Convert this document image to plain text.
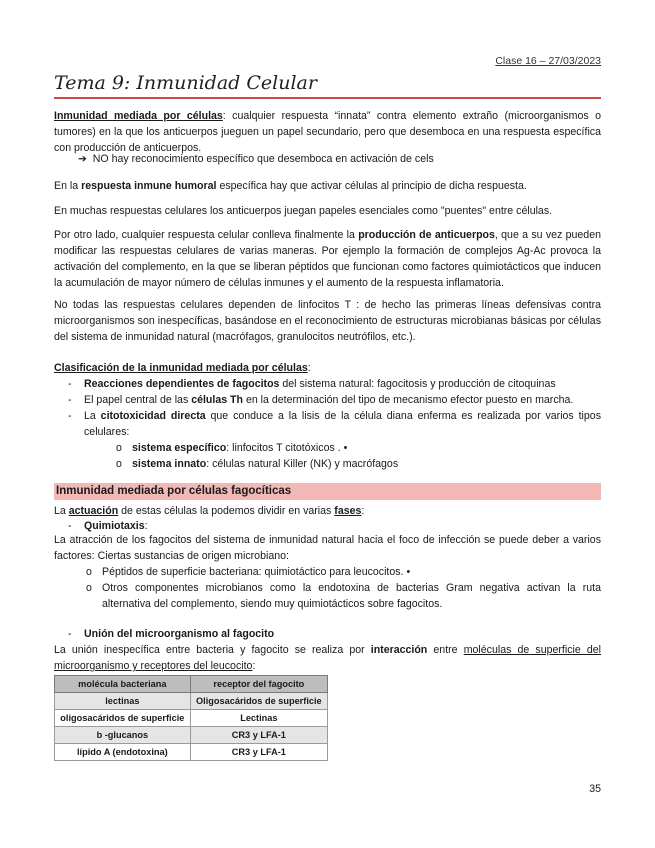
Clase 16 – 27/03/2023
Tema 9: Inmunidad Celular
Inmunidad mediada por células: cualquier respuesta “innata” contra elemento extraño (microorganismos o tumores) en la que los anticuerpos jueguen un papel secundario, pero que desemboca en una respuesta específica con producción de anticuerpos.
➔ NO hay reconocimiento específico que desemboca en activación de cels
En la respuesta inmune humoral específica hay que activar células al principio de dicha respuesta.
En muchas respuestas celulares los anticuerpos juegan papeles esenciales como "puentes" entre células.
Por otro lado, cualquier respuesta celular conlleva finalmente la producción de anticuerpos, que a su vez pueden modificar las respuestas celulares de varias maneras. Por ejemplo la formación de complejos Ag-Ac provoca la activación del complemento, en la que se liberan péptidos que funcionan como factores quimiotácticos que inducen la acumulación de mayor número de células inmunes y el aumento de la respuesta inflamatoria.
No todas las respuestas celulares dependen de linfocitos T : de hecho las primeras líneas defensivas contra microorganismos son inespecíficas, basándose en el reconocimiento de estructuras microbianas básicas por células del sistema de inmunidad natural (macrófagos, granulocitos neutrófilos, etc.).
Clasificación de la inmunidad mediada por células:
- Reacciones dependientes de fagocitos del sistema natural: fagocitosis y producción de citoquinas
- El papel central de las células Th en la determinación del tipo de mecanismo efector puesto en marcha.
- La citotoxicidad directa que conduce a la lisis de la célula diana enferma es realizada por varios tipos celulares:
o sistema específico: linfocitos T citotóxicos . •
o sistema innato: células natural Killer (NK) y macrófagos
Inmunidad mediada por células fagocíticas
La actuación de estas células la podemos dividir en varias fases:
- Quimiotaxis:
La atracción de los fagocitos del sistema de inmunidad natural hacia el foco de infección se puede deber a varios factores: Ciertas sustancias de origen microbiano:
o Péptidos de superficie bacteriana: quimiotáctico para leucocitos. •
o Otros componentes microbianos como la endotoxina de bacterias Gram negativa activan la ruta alternativa del complemento, siendo muy quimiotácticos sobre fagocitos.
- Unión del microorganismo al fagocito
La unión inespecífica entre bacteria y fagocito se realiza por interacción entre moléculas de superficie del microorganismo y receptores del leucocito:
molécula bacteriana	receptor del fagocito
lectinas	Oligosacáridos de superficie
oligosacáridos de superficie	Lectinas
b -glucanos	CR3 y LFA-1
lípido A (endotoxina)	CR3 y LFA-1
35
